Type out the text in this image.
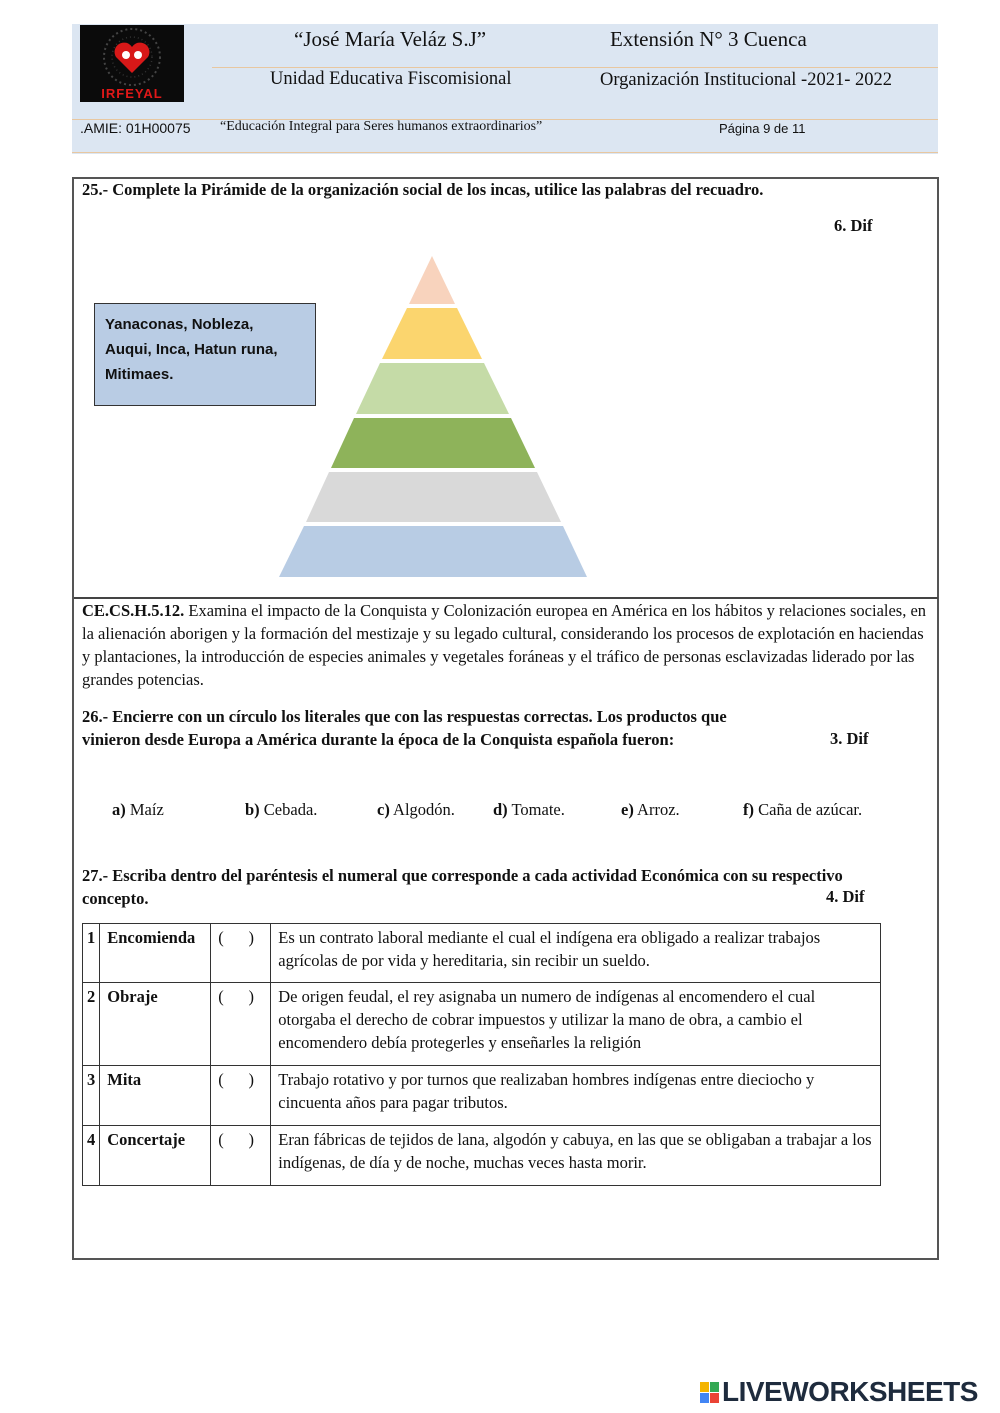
IRFEYAL
“José María Veláz S.J”	Extensión N° 3 Cuenca
Unidad Educativa Fiscomisional	Organización Institucional -2021- 2022
.AMIE: 01H00075 “Educación Integral para Seres humanos extraordinarios”	Página 9 de 11
25.- Complete la Pirámide de la organización social de los incas, utilice las palabras del recuadro.
6. Dif
Yanaconas, Nobleza,
Auqui, Inca, Hatun runa,
Mitimaes.
CE.CS.H.5.12. Examina el impacto de la Conquista y Colonización europea en América en los hábitos y relaciones sociales, en la alienación aborigen y la formación del mestizaje y su legado cultural, considerando los procesos de explotación en haciendas y plantaciones, la introducción de especies animales y vegetales foráneas y el tráfico de personas esclavizadas liderado por las grandes potencias.
26.- Encierre con un círculo los literales que con las respuestas correctas. Los productos que vinieron desde Europa a América durante la época de la Conquista española fueron:	3. Dif
a) Maíz	b) Cebada.	c) Algodón. d) Tomate.	e) Arroz.	f) Caña de azúcar.
27.- Escriba dentro del paréntesis el numeral que corresponde a cada actividad Económica con su respectivo concepto.	4. Dif
1	Encomienda	(      )	Es un contrato laboral mediante el cual el indígena era obligado a realizar trabajos agrícolas de por vida y hereditaria, sin recibir un sueldo.
2	Obraje	(      )	De origen feudal, el rey asignaba un numero de indígenas al encomendero el cual otorgaba el derecho de cobrar impuestos y utilizar la mano de obra, a cambio el encomendero debía protegerles y enseñarles la religión
3	Mita	(      )	Trabajo rotativo y por turnos que realizaban hombres indígenas entre dieciocho y cincuenta años para pagar tributos.
4	Concertaje	(      )	Eran fábricas de tejidos de lana, algodón y cabuya, en las que se obligaban a trabajar a los indígenas, de día y de noche, muchas veces hasta morir.
LIVEWORKSHEETS
